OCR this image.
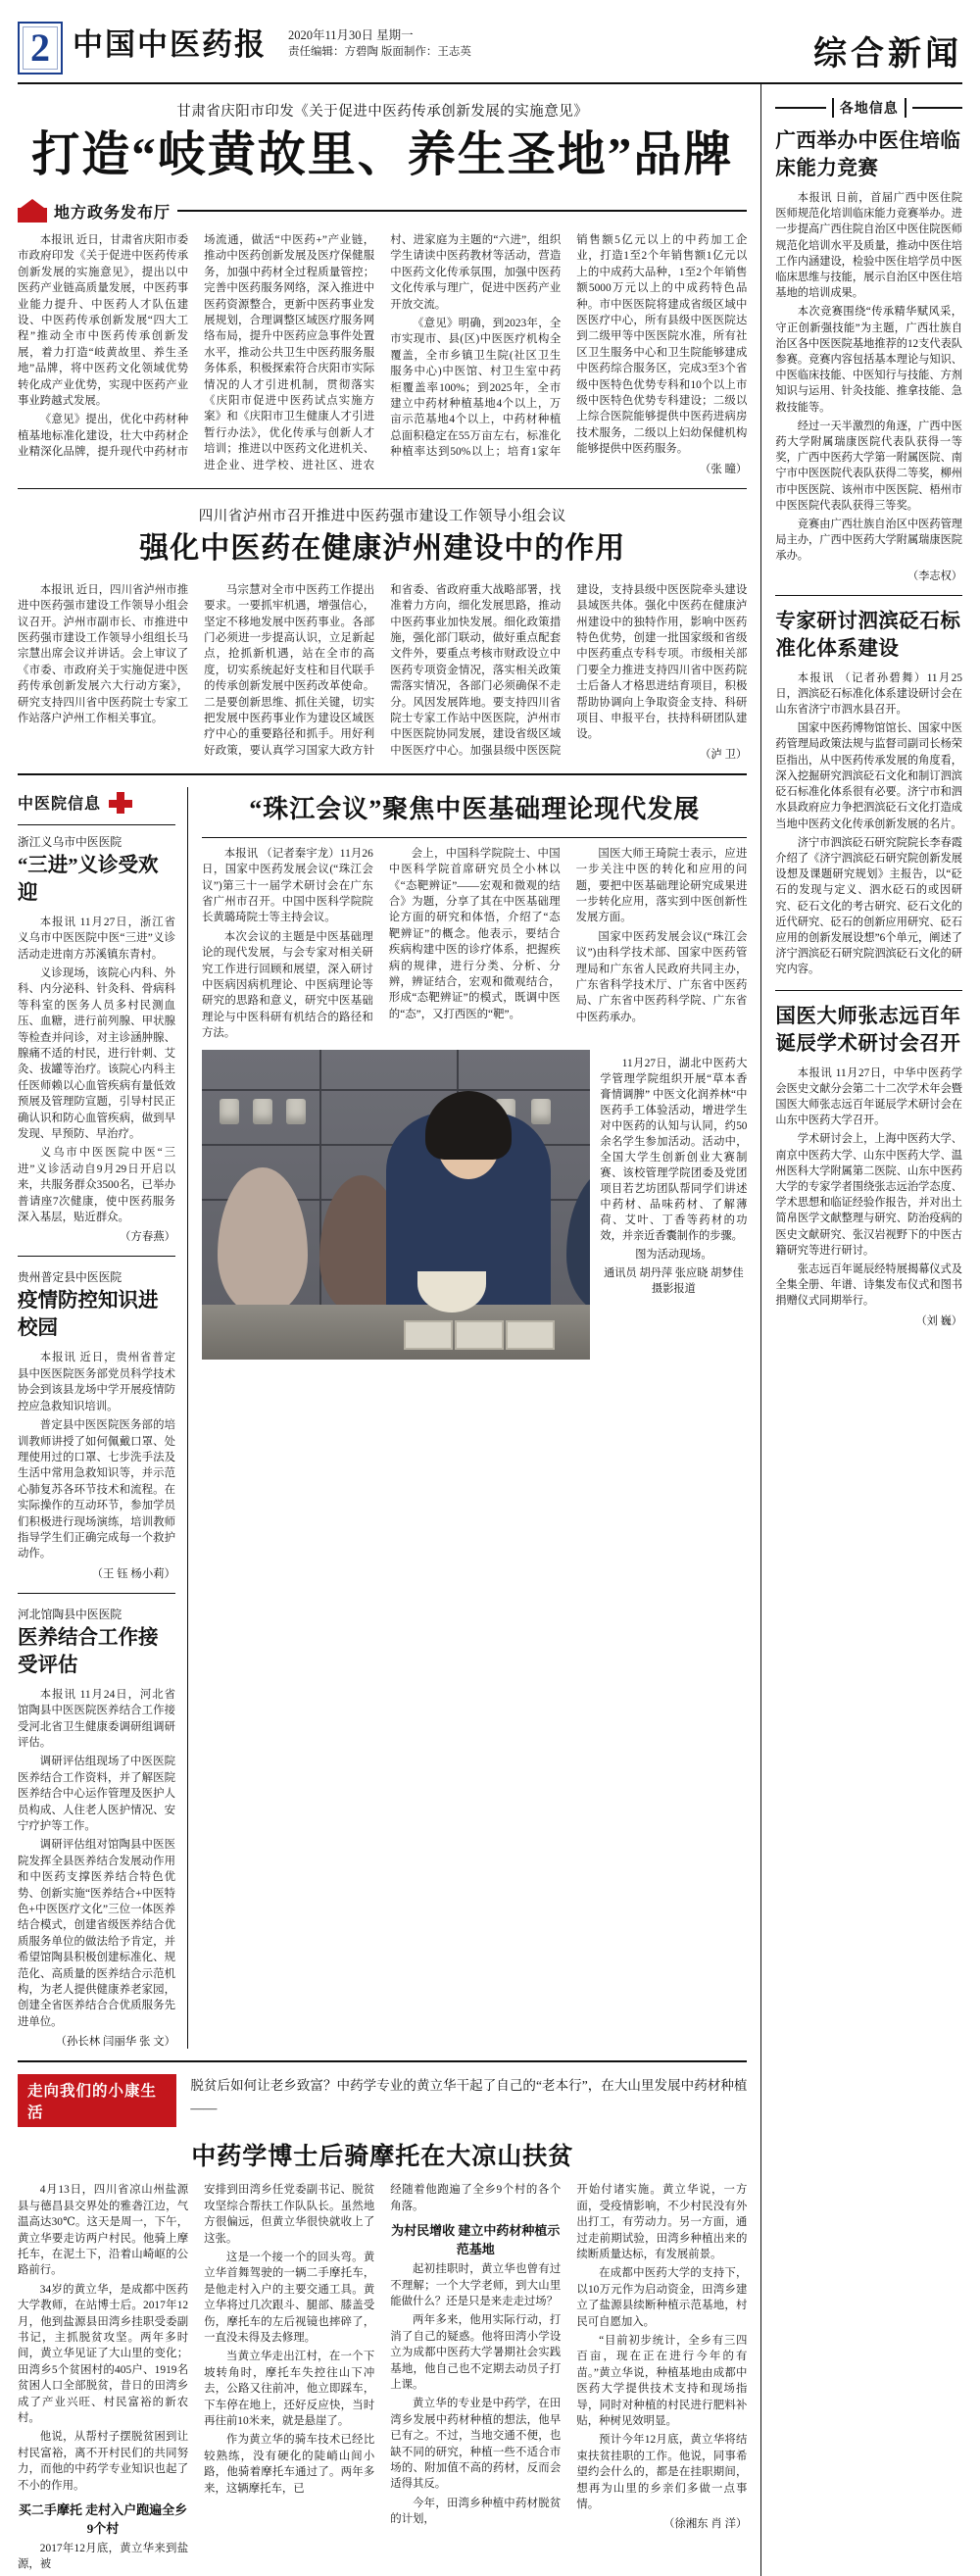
2 中国中医药报 2020年11月30日 星期一
责任编辑：方碧陶 版面制作：王志英	综合新闻
甘肃省庆阳市印发《关于促进中医药传承创新发展的实施意见》
打造“岐黄故里、养生圣地”品牌
地方政务发布厅

本报讯 近日，甘肃省庆阳市委市政府印发《关于促进中医药传承创新发展的实施意见》，提出以中医药产业链高质量发展，中医药事业能力提升、中医药人才队伍建设、中医药传承创新发展“四大工程”推动全市中医药传承创新发展，着力打造“岐黄故里、养生圣地”品牌，将中医药文化领域优势转化成产业优势，实现中医药产业事业跨越式发展。

《意见》提出，优化中药材种植基地标准化建设，壮大中药材企业精深化品牌，提升现代中药材市场流通，做活“中医药+”产业链，推动中医药创新发展及医疗保健服务，加强中药材全过程质量管控；完善中医药服务网络，深入推进中医药资源整合，更新中医药事业发展规划，合理调整区域医疗服务网络布局，提升中医药应急事件处置水平，推动公共卫生中医药服务服务体系，积极探索符合庆阳市实际情况的人才引进机制，贯彻落实《庆阳市促进中医药试点实施方案》和《庆阳市卫生健康人才引进暂行办法》，优化传承与创新人才培训；推进以中医药文化进机关、进企业、进学校、进社区、进农村、进家庭为主题的“六进”，组织学生请读中医药教材等活动，营造中医药文化传承氛围，加强中医药文化传承与理广，促进中医药产业开放交流。

《意见》明确，到2023年，全市实现市、县(区)中医医疗机构全覆盖，全市乡镇卫生院(社区卫生服务中心)中医馆、村卫生室中药柜覆盖率100%；到2025年，全市建立中药材种植基地4个以上，万亩示范基地4个以上，中药材种植总面积稳定在55万亩左右，标准化种植率达到50%以上；培育1家年销售额5亿元以上的中药加工企业，打造1至2个年销售额1亿元以上的中成药大品种，1至2个年销售额5000万元以上的中成药特色品种。市中医医院将建成省级区域中医医疗中心，所有县级中医医院达到二级甲等中医医院水准，所有社区卫生服务中心和卫生院能够建成中医药综合服务区，完成3至3个省级中医特色优势专科和10个以上市级中医特色优势专科建设；二级以上综合医院能够提供中医药进病房技术服务，二级以上妇幼保健机构能够提供中医药服务。

（张 瞳）

四川省泸州市召开推进中医药强市建设工作领导小组会议
强化中医药在健康泸州建设中的作用

本报讯 近日，四川省泸州市推进中医药强市建设工作领导小组会议召开。泸州市副市长、市推进中医药强市建设工作领导小组组长马宗慧出席会议并讲话。会上审议了《市委、市政府关于实施促进中医药传承创新发展六大行动方案》，研究支持四川省中医药院士专家工作站落户泸州工作相关事宜。

马宗慧对全市中医药工作提出要求。一要抓牢机遇，增强信心，坚定不移地发展中医药事业。各部门必须进一步提高认识，立足新起点，抢抓新机遇，站在全市的高度，切实系统起好支柱和目代联手的传承创新发展中医药改革使命。二是要创新思维、抓住关键，切实把发展中医药事业作为建设区域医疗中心的重要路径和抓手。用好利好政策，要认真学习国家大政方针和省委、省政府重大战略部署，找准着力方向，细化发展思路，推动中医药事业加快发展。细化政策措施，强化部门联动，做好重点配套文件外，要重点考核市财政设立中医药专项资金情况，落实相关政策需落实情况，各部门必须确保不走分。风因发展阵地。要支持四川省院士专家工作站中医医院，泸州市中医医院协同发展，建设省级区域中医医疗中心。加强县级中医医院建设，支持县级中医医院牵头建设县域医共体。强化中医药在健康泸州建设中的独特作用，影响中医药特色优势，创建一批国家级和省级中医药重点专科专项。市级相关部门要全力推进支持四川省中医药院士后备人才格思进结育项目，积极帮助协调向上争取资金支持、科研项目、申报平台，扶持科研团队建设。

（泸 卫）

中医院信息
浙江义乌市中医医院
“三进”义诊受欢迎

本报讯 11月27日，浙江省义乌市中医医院中医“三进”义诊活动走进南方苏溪镇东青村。

义诊现场，该院心内科、外科、内分泌科、针灸科、骨病科等科室的医务人员多村民测血压、血糖，进行前列腺、甲状腺等检查并问诊，对主诊涵肿腺、腺痛不适的村民，进行针刺、艾灸、拔罐等治疗。该院心内科主任医师赖以心血管疾病有量低效预展及管理防宣题，引导村民正确认识和防心血管疾病，做到早发现、早预防、早治疗。

义乌市中医医院中医“三进”义诊活动自9月29日开启以来，共服务群众3500名，已举办普请座7次健康，使中医药服务深入基层，贴近群众。

（方春燕）

贵州普定县中医医院
疫情防控知识进校园

本报讯 近日，贵州省普定县中医医院医务部党员科学技术协会到该县龙场中学开展疫情防控应急救知识培训。

普定县中医医院医务部的培训教师讲授了如何佩戴口罩、处理使用过的口罩、七步洗手法及生活中常用急救知识等，并示范心肺复苏各环节技术和流程。在实际操作的互动环节，参加学员们积极进行现场演练，培训教师指导学生们正确完成每一个救护动作。

（王 钰 杨小莉）

河北馆陶县中医医院
医养结合工作接受评估

本报讯 11月24日，河北省馆陶县中医医院医养结合工作接受河北省卫生健康委调研组调研评估。

调研评估组现场了中医医院医养结合工作资料，并了解医院医养结合中心运作管理及医护人员构成、人住老人医护情况、安宁疗护等工作。

调研评估组对馆陶县中医医院发挥全县医养结合发展动作用和中医药支撑医养结合特色优势、创新实施“医养结合+中医特色+中医医疗文化”三位一体医养结合模式，创建省级医养结合优质服务单位的做法给予肯定，并希望馆陶县积极创建标准化、规范化、高质量的医养结合示范机构，为老人提供健康养老家园，创建全省医养结合合优质服务先进单位。

（孙长林 闫丽华 张 文）

“珠江会议”聚焦中医基础理论现代发展

本报讯 （记者秦宇龙）11月26日，国家中医药发展会议(“珠江会议”)第三十一届学术研讨会在广东省广州市召开。中国中医科学院院长黄璐琦院士等主持会议。

本次会议的主题是中医基础理论的现代发展，与会专家对相关研究工作进行回顾和展望，深入研讨中医病因病机理论、中医病理论等研究的思路和意义，研究中医基础理论与中医科研有机结合的路径和方法。

会上，中国科学院院士、中国中医科学院首席研究员仝小林以《“态靶辨证”——宏观和微观的结合》为题，分享了其在中医基础理论方面的研究和体悟，介绍了“态靶辨证”的概念。他表示，要结合疾病构建中医的诊疗体系，把握疾病的规律，进行分类、分析、分辨，辨证结合，宏观和微观结合，形成“态靶辨证”的模式，既调中医的“态”，又打西医的“靶”。

国医大师王琦院士表示，应进一步关注中医的转化和应用的问题，要把中医基础理论研究成果进一步转化应用，落实到中医创新性发展方面。

国家中医药发展会议(“珠江会议”)由科学技术部、国家中医药管理局和广东省人民政府共同主办，广东省科学技术厅、广东省中医药局、广东省中医药科学院、广东省中医药承办。

11月27日，湖北中医药大学管理学院组织开展“草本香膏情调脾” 中医文化润养林“中医药手工体验活动，增进学生对中医药的认知与认同，约50余名学生参加活动。活动中，全国大学生创新创业大赛制赛、该校管理学院团委及党团项目若艺坊团队帮同学们讲述中药材、品味药材、了解薄荷、艾叶、丁香等药材的功效，并亲近香囊制作的步骤。

图为活动现场。

通讯员 胡丹萍 张应晓 胡梦佳摄影报道

走向我们的小康生活
脱贫后如何让老乡致富？中药学专业的黄立华干起了自己的“老本行”，在大山里发展中药材种植——
中药学博士后骑摩托在大凉山扶贫

4月13日，四川省凉山州盐源县与德昌县交界处的雅砻江边，气温高达30℃。这天是周一，下午，黄立华要走访两户村民。他骑上摩托车，在泥土下，沿着山崎岖的公路前行。

34岁的黄立华，是成都中医药大学教师，在站博士后。2017年12月，他到盐源县田湾乡挂职受委副书记，主抓脱贫攻坚。两年多时间，黄立华见证了大山里的变化；田湾乡5个贫困村的405户、1919名贫困人口全部脱贫，昔日的田湾乡成了产业兴旺、村民富裕的新农村。

他说，从帮村子摆脱贫困到让村民富裕，离不开村民们的共同努力，而他的中药学专业知识也起了不小的作用。

买二手摩托 走村入户跑遍全乡9个村

2017年12月底，黄立华来到盐源，被

安排到田湾乡任党委副书记、脱贫攻坚综合帮扶工作队队长。虽然地方很偏远，但黄立华很快就收上了这张。

这是一个接一个的回头弯。黄立华首舞驾驶的一辆二手摩托车，是他走村入户的主要交通工具。黄立华将过几次跟斗、腿部、膝盖受伤，摩托车的左后视镜也摔碎了，一直没未得及去修理。

当黄立华走出江村，在一个下坡转角时，摩托车失控往山下冲去，公路又往前冲，他立即踩车，下车停在地上，还好反应快，当时再往前10米来，就是悬崖了。

作为黄立华的骑车技术已经比较熟练，没有硬化的陡峭山间小路，他骑着摩托车通过了。两年多来，这辆摩托车，已

经随着他跑遍了全乡9个村的各个角落。

为村民增收 建立中药材种植示范基地

起初挂职时，黄立华也曾有过不理解；一个大学老师，到大山里能做什么？还是只是来走走过场？

两年多来，他用实际行动，打消了自己的疑惑。他将田湾小学设立为成都中医药大学暑期社会实践基地，他自己也不定期去动员子打上课。

黄立华的专业是中药学，在田湾乡发展中药材种植的想法，他早已有之。不过，当地交通不便，也缺不同的研究，种植一些不适合市场的、附加值不高的药材，反而会适得其反。

今年，田湾乡种植中药材脱贫的计划，

开始付诸实施。黄立华说，一方面，受疫情影响，不少村民没有外出打工，有劳动力。另一方面，通过走前期试验，田湾乡种植出来的续断质量达标，有发展前景。

在成都中医药大学的支持下，以10万元作为启动资金，田湾乡建立了盐源县续断种植示范基地，村民可自愿加入。

“目前初步统计，全乡有三四百亩，现在正在进行今年的有苗。”黄立华说，种植基地由成都中医药大学提供技术支持和现场指导，同时对种植的村民进行肥料补贴，种树见效明显。

预计今年12月底，黄立华将结束扶贫挂职的工作。他说，同事希望约会什么的，都是在挂职期间，想再为山里的乡亲们多做一点事情。

（徐湘东 肖 洋）

各地信息
广西举办中医住培临床能力竞赛

本报讯 日前，首届广西中医住院医师规范化培训临床能力竞赛举办。进一步提高广西住院自治区中医住院医师规范化培训水平及质量，推动中医住培工作内涵建设，检验中医住培学员中医临床思维与技能，展示自治区中医住培基地的培训成果。

本次竞赛围绕“传承精华赋风采，守正创新强技能”为主题，广西壮族自治区各中医医院基地推荐的12支代表队参赛。竞赛内容包括基本理论与知识、中医临床技能、中医知行与技能、方剂知识与运用、针灸技能、推拿技能、急救技能等。

经过一天半激烈的角逐，广西中医药大学附属瑞康医院代表队获得一等奖，广西中医药大学第一附属医院、南宁市中医医院代表队获得二等奖，柳州市中医医院、该州市中医医院、梧州市中医医院代表队获得三等奖。

竞赛由广西壮族自治区中医药管理局主办，广西中医药大学附属瑞康医院承办。

（李志权）

专家研讨泗滨砭石标准化体系建设

本报讯 （记者孙碧舞）11月25日，泗滨砭石标准化体系建设研讨会在山东省济宁市泗水县召开。

国家中医药博物馆馆长、国家中医药管理局政策法规与监督司副司长杨荣臣指出，从中医药传承发展的角度看，深入挖掘研究泗滨砭石文化和制订泗滨砭石标准化体系很有必要。济宁市和泗水县政府应力争把泗滨砭石文化打造成当地中医药文化传承创新发展的名片。

济宁市泗滨砭石研究院院长李春霞介绍了《济宁泗滨砭石研究院创新发展设想及课题研究规划》主报告，以“砭石的发现与定义、泗水砭石的或因研究、砭石文化的考古研究、砭石文化的近代研究、砭石的创新应用研究、砭石应用的创新发展设想”6个单元，阐述了济宁泗滨砭石研究院泗滨砭石文化的研究内容。

国医大师张志远百年诞辰学术研讨会召开

本报讯 11月27日，中华中医药学会医史文献分会第二十二次学术年会暨国医大师张志远百年诞辰学术研讨会在山东中医药大学召开。

学术研讨会上，上海中医药大学、南京中医药大学、山东中医药大学、温州医科大学附属第二医院、山东中医药大学的专家学者围绕张志远治学态度、学术思想和临证经验作报告，并对出土简帛医学文献整理与研究、防治疫病的医史文献研究、张汉岩视野下的中医古籍研究等进行研讨。

张志远百年诞辰经特展揭幕仪式及全集全册、年谱、诗集发布仪式和图书捐赠仪式同期举行。

（刘 巍）
